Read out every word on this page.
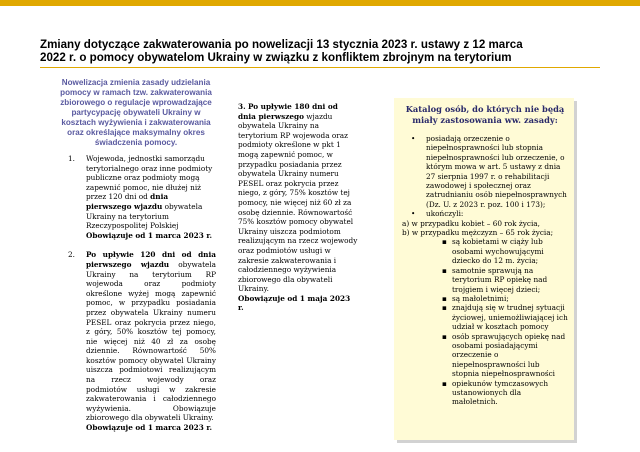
Zmiany dotyczące zakwaterowania po nowelizacji 13 stycznia 2023 r. ustawy z 12 marca
2022 r. o pomocy obywatelom Ukrainy w związku z konfliktem zbrojnym na terytorium
Nowelizacja zmienia zasady udzielania pomocy w ramach tzw. zakwaterowania zbiorowego o regulacje wprowadzające partycypację obywateli Ukrainy w kosztach wyżywienia i zakwaterowania oraz określające maksymalny okres świadczenia pomocy.
1. Wojewoda, jednostki samorządu terytorialnego oraz inne podmioty publiczne oraz podmioty mogą zapewnić pomoc, nie dłużej niż przez 120 dni od dnia pierwszego wjazdu obywatela Ukrainy na terytorium Rzeczypospolitej Polskiej
Obowiązuje od 1 marca 2023 r.
2. Po upływie 120 dni od dnia pierwszego wjazdu obywatela Ukrainy na terytorium RP wojewoda oraz podmioty określone wyżej mogą zapewnić pomoc, w przypadku posiadania przez obywatela Ukrainy numeru PESEL oraz pokrycia przez niego, z góry, 50% kosztów tej pomocy, nie więcej niż 40 zł za osobę dziennie. Równowartość 50% kosztów pomocy obywatel Ukrainy uiszcza podmiotowi realizującym na rzecz wojewody oraz podmiotów usługi w zakresie zakwaterowania i całodziennego wyżywienia. Obowiązuje zbiorowego dla obywateli Ukrainy.
Obowiązuje od 1 marca 2023 r.
3. Po upływie 180 dni od dnia pierwszego wjazdu obywatela Ukrainy na terytorium RP wojewoda oraz podmioty określone w pkt 1 mogą zapewnić pomoc, w przypadku posiadania przez obywatela Ukrainy numeru PESEL oraz pokrycia przez niego, z góry, 75% kosztów tej pomocy, nie więcej niż 60 zł za osobę dziennie. Równowartość 75% kosztów pomocy obywatel Ukrainy uiszcza podmiotom realizującym na rzecz wojewody oraz podmiotów usługi w zakresie zakwaterowania i całodziennego wyżywienia zbiorowego dla obywateli Ukrainy.
Obowiązuje od 1 maja 2023 r.
Katalog osób, do których nie będą miały zastosowania ww. zasady:
• posiadają orzeczenie o niepełnosprawności lub stopnia niepełnosprawności lub orzeczenie, o którym mowa w art. 5 ustawy z dnia 27 sierpnia 1997 r. o rehabilitacji zawodowej i społecznej oraz zatrudnianiu osób niepełnosprawnych (Dz. U. z 2023 r. poz. 100 i 173);
• ukończyli:
a) w przypadku kobiet – 60 rok życia,
b) w przypadku mężczyzn – 65 rok życia;
▪ są kobietami w ciąży lub osobami wychowującymi dziecko do 12 m. życia;
▪ samotnie sprawują na terytorium RP opiekę nad trojgiem i więcej dzieci;
▪ są małoletnimi;
▪ znajdują się w trudnej sytuacji życiowej, uniemożliwiającej ich udział w kosztach pomocy
▪ osób sprawujących opiekę nad osobami posiadającymi orzeczenie o niepełnosprawności lub stopnia niepełnosprawności
▪ opiekunów tymczasowych ustanowionych dla małoletnich.
